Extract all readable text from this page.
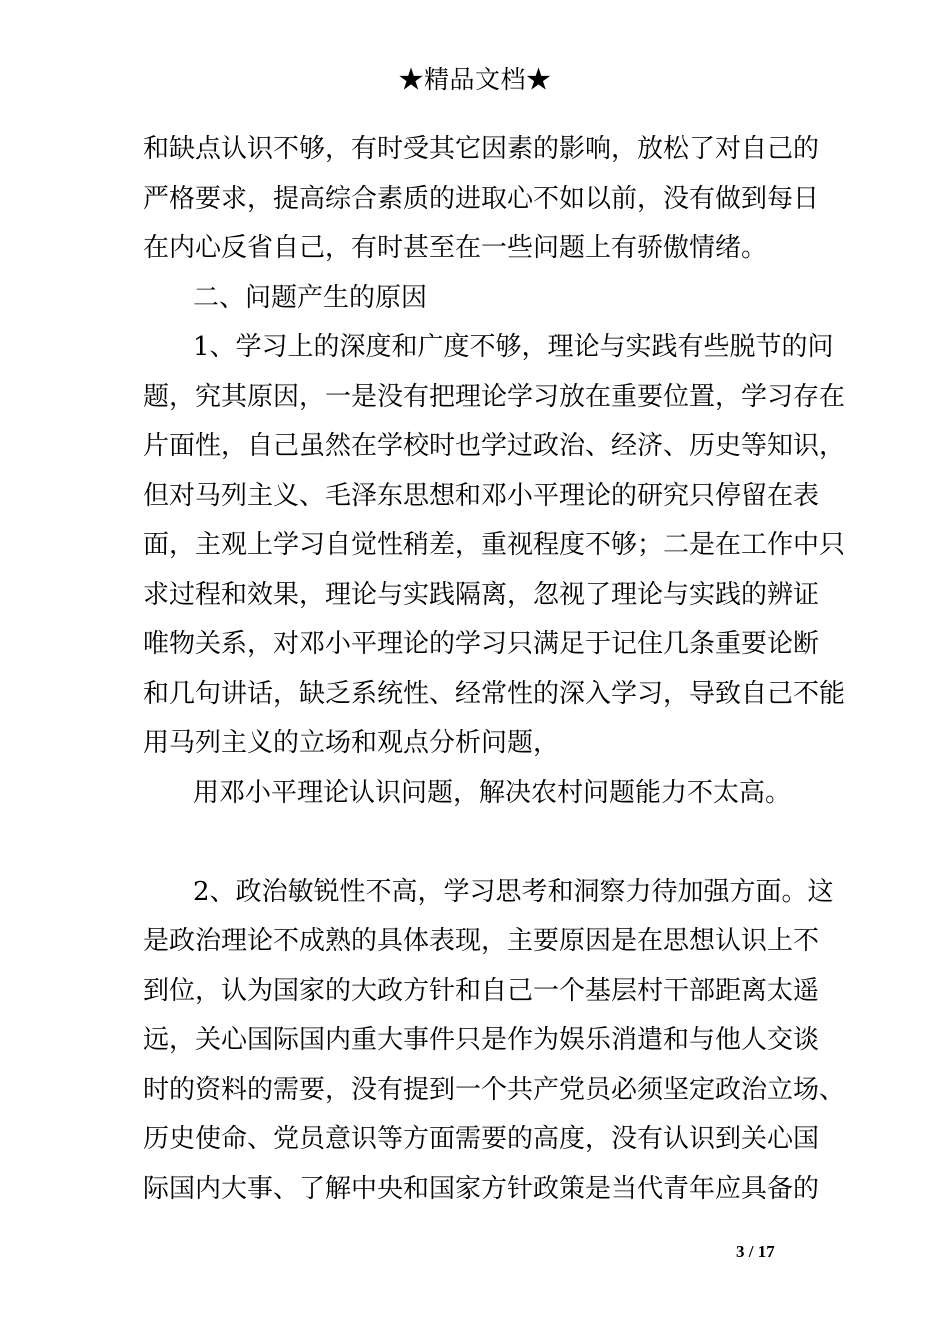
★精品文档★
和缺点认识不够，有时受其它因素的影响，放松了对自己的
严格要求，提高综合素质的进取心不如以前，没有做到每日
在内心反省自己，有时甚至在一些问题上有骄傲情绪。
二、问题产生的原因
1、学习上的深度和广度不够，理论与实践有些脱节的问
题，究其原因，一是没有把理论学习放在重要位置，学习存在
片面性，自己虽然在学校时也学过政治、经济、历史等知识，
但对马列主义、毛泽东思想和邓小平理论的研究只停留在表
面，主观上学习自觉性稍差，重视程度不够；二是在工作中只
求过程和效果，理论与实践隔离，忽视了理论与实践的辨证
唯物关系，对邓小平理论的学习只满足于记住几条重要论断
和几句讲话，缺乏系统性、经常性的深入学习，导致自己不能
用马列主义的立场和观点分析问题，
用邓小平理论认识问题，解决农村问题能力不太高。
2、政治敏锐性不高，学习思考和洞察力待加强方面。这
是政治理论不成熟的具体表现，主要原因是在思想认识上不
到位，认为国家的大政方针和自己一个基层村干部距离太遥
远，关心国际国内重大事件只是作为娱乐消遣和与他人交谈
时的资料的需要，没有提到一个共产党员必须坚定政治立场、
历史使命、党员意识等方面需要的高度，没有认识到关心国
际国内大事、了解中央和国家方针政策是当代青年应具备的
3 / 17
